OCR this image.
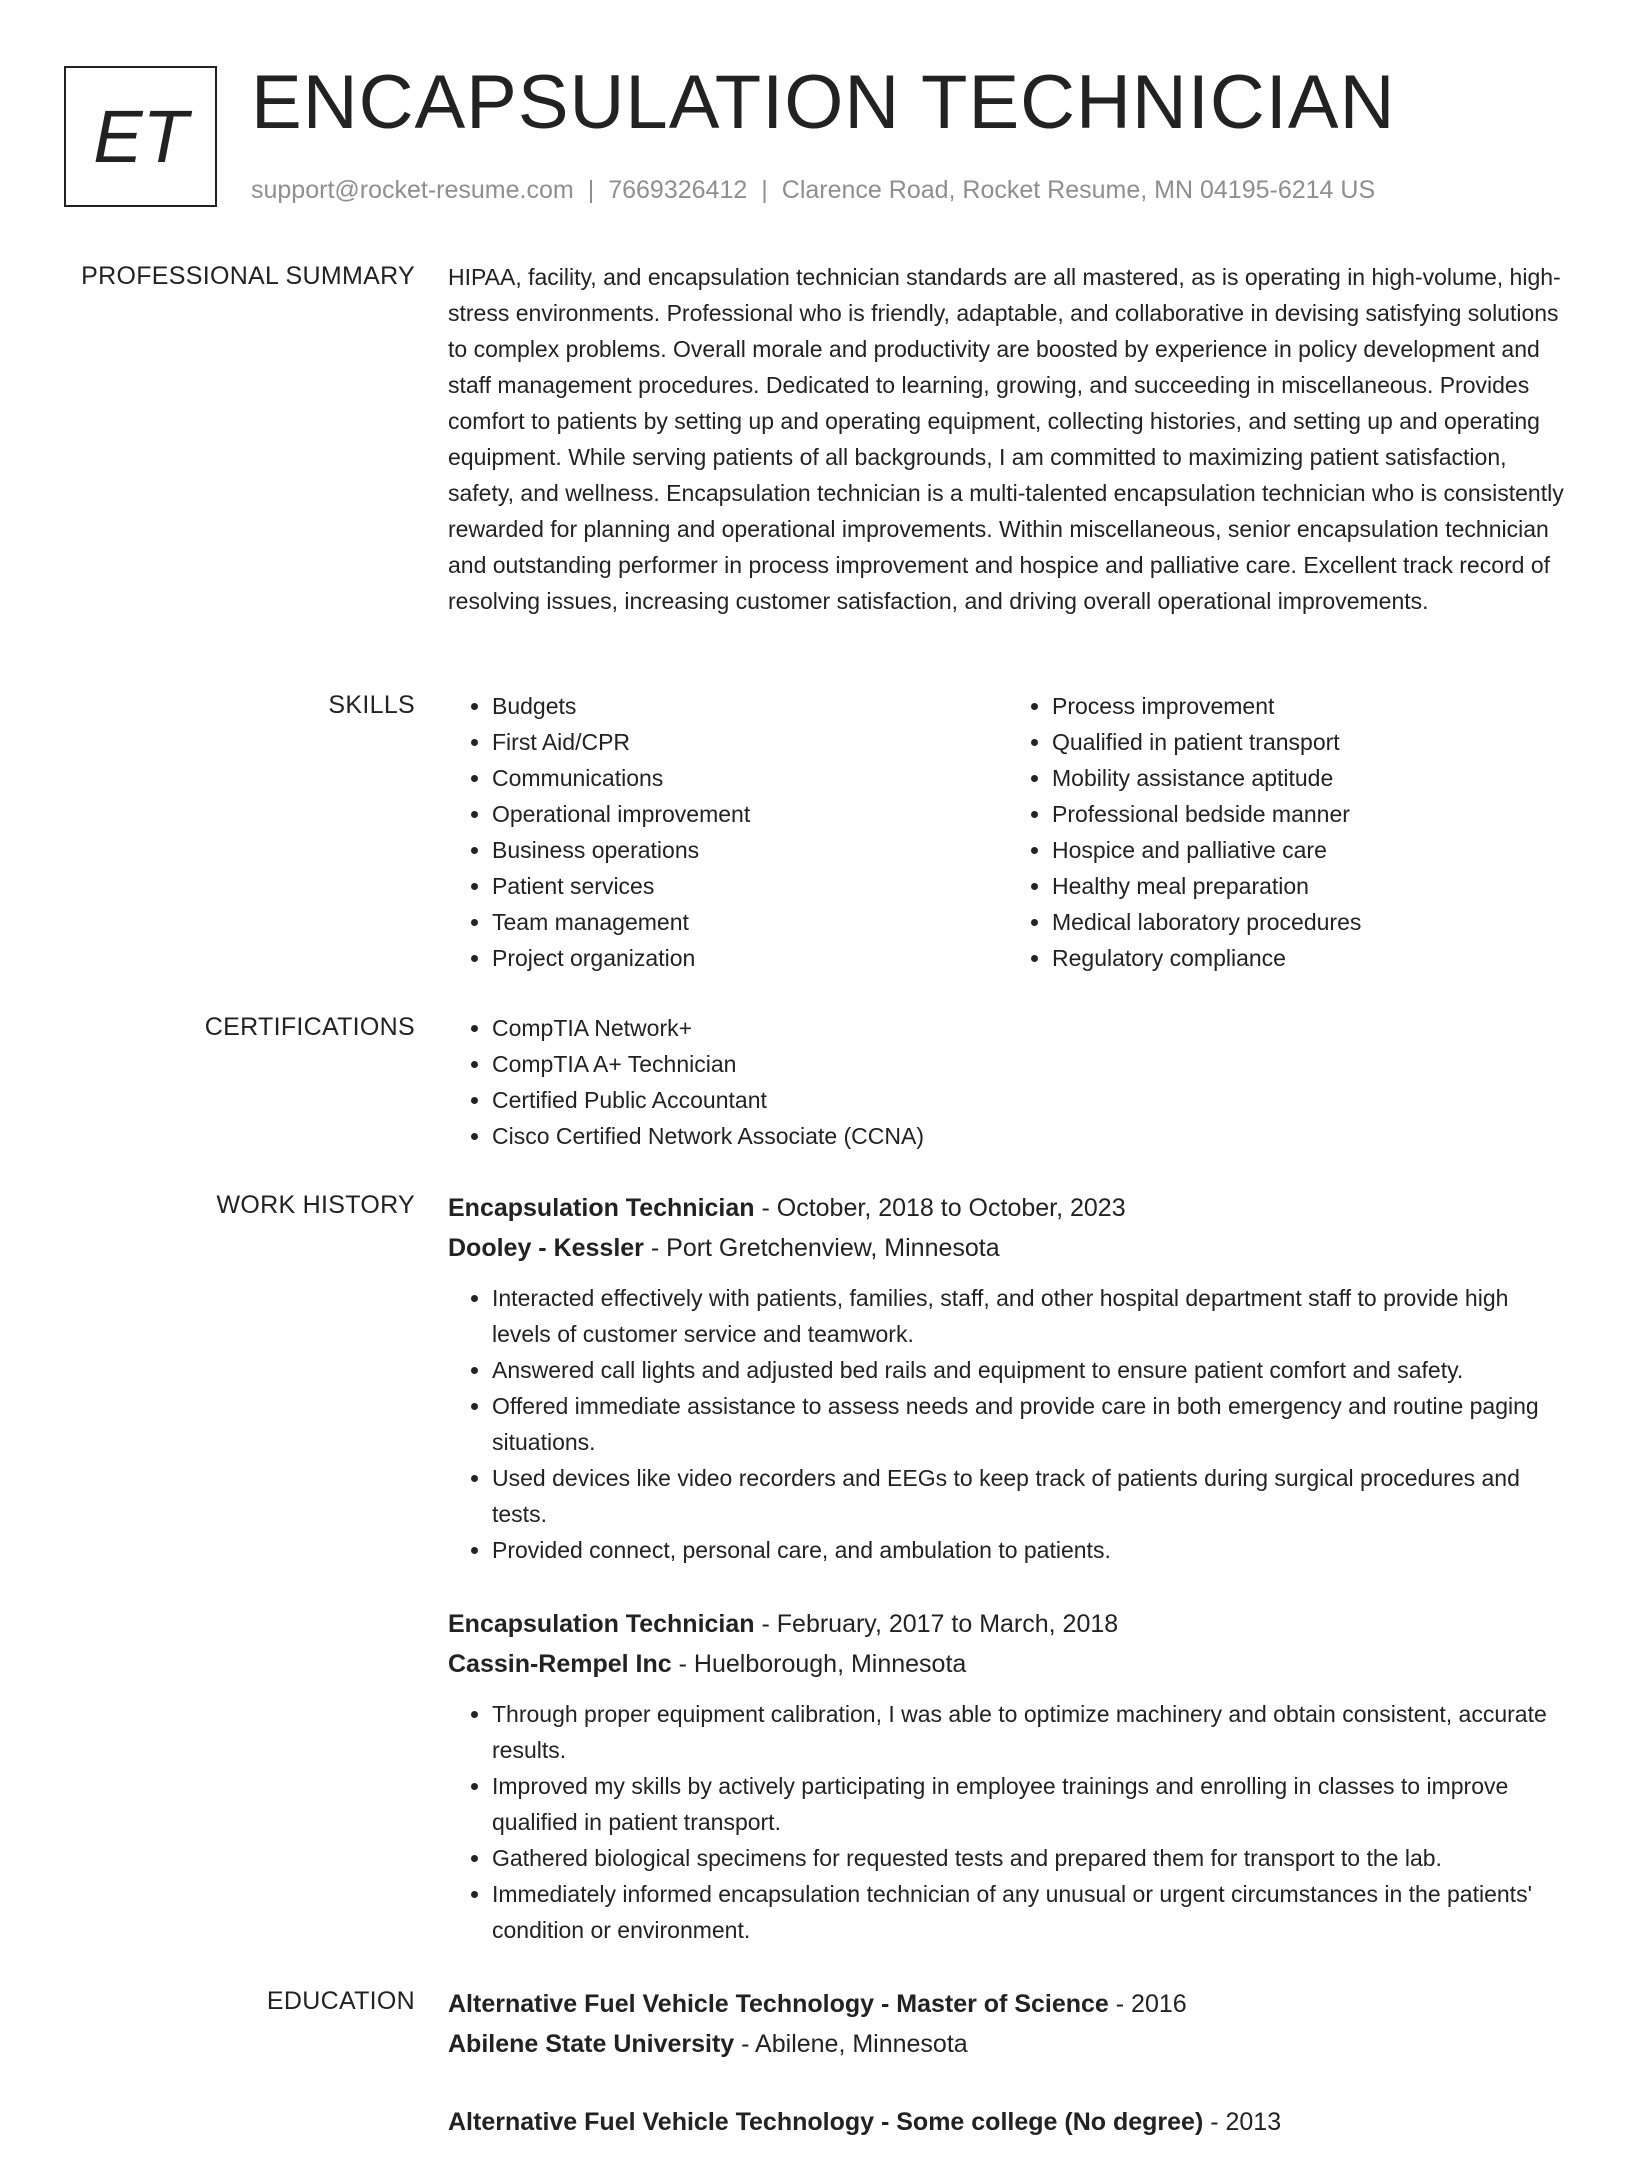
ET ENCAPSULATION TECHNICIAN
support@rocket-resume.com | 7669326412 | Clarence Road, Rocket Resume, MN 04195-6214 US
PROFESSIONAL SUMMARY HIPAA, facility, and encapsulation technician standards are all mastered, as is operating in high-volume, high-stress environments. Professional who is friendly, adaptable, and collaborative in devising satisfying solutions to complex problems. Overall morale and productivity are boosted by experience in policy development and staff management procedures. Dedicated to learning, growing, and succeeding in miscellaneous. Provides comfort to patients by setting up and operating equipment, collecting histories, and setting up and operating equipment. While serving patients of all backgrounds, I am committed to maximizing patient satisfaction, safety, and wellness. Encapsulation technician is a multi-talented encapsulation technician who is consistently rewarded for planning and operational improvements. Within miscellaneous, senior encapsulation technician and outstanding performer in process improvement and hospice and palliative care. Excellent track record of resolving issues, increasing customer satisfaction, and driving overall operational improvements.
SKILLS	• Budgets
• First Aid/CPR
• Communications
• Operational improvement
• Business operations
• Patient services
• Team management
• Project organization
• Process improvement
• Qualified in patient transport
• Mobility assistance aptitude
• Professional bedside manner
• Hospice and palliative care
• Healthy meal preparation
• Medical laboratory procedures
• Regulatory compliance
CERTIFICATIONS	• CompTIA Network+
• CompTIA A+ Technician
• Certified Public Accountant
• Cisco Certified Network Associate (CCNA)
WORK HISTORY Encapsulation Technician - October, 2018 to October, 2023
Dooley - Kessler - Port Gretchenview, Minnesota
• Interacted effectively with patients, families, staff, and other hospital department staff to provide high levels of customer service and teamwork.
• Answered call lights and adjusted bed rails and equipment to ensure patient comfort and safety.
• Offered immediate assistance to assess needs and provide care in both emergency and routine paging situations.
• Used devices like video recorders and EEGs to keep track of patients during surgical procedures and tests.
• Provided connect, personal care, and ambulation to patients.
Encapsulation Technician - February, 2017 to March, 2018
Cassin-Rempel Inc - Huelborough, Minnesota
• Through proper equipment calibration, I was able to optimize machinery and obtain consistent, accurate results.
• Improved my skills by actively participating in employee trainings and enrolling in classes to improve qualified in patient transport.
• Gathered biological specimens for requested tests and prepared them for transport to the lab.
• Immediately informed encapsulation technician of any unusual or urgent circumstances in the patients' condition or environment.
EDUCATION Alternative Fuel Vehicle Technology - Master of Science - 2016
Abilene State University - Abilene, Minnesota
Alternative Fuel Vehicle Technology - Some college (No degree) - 2013
